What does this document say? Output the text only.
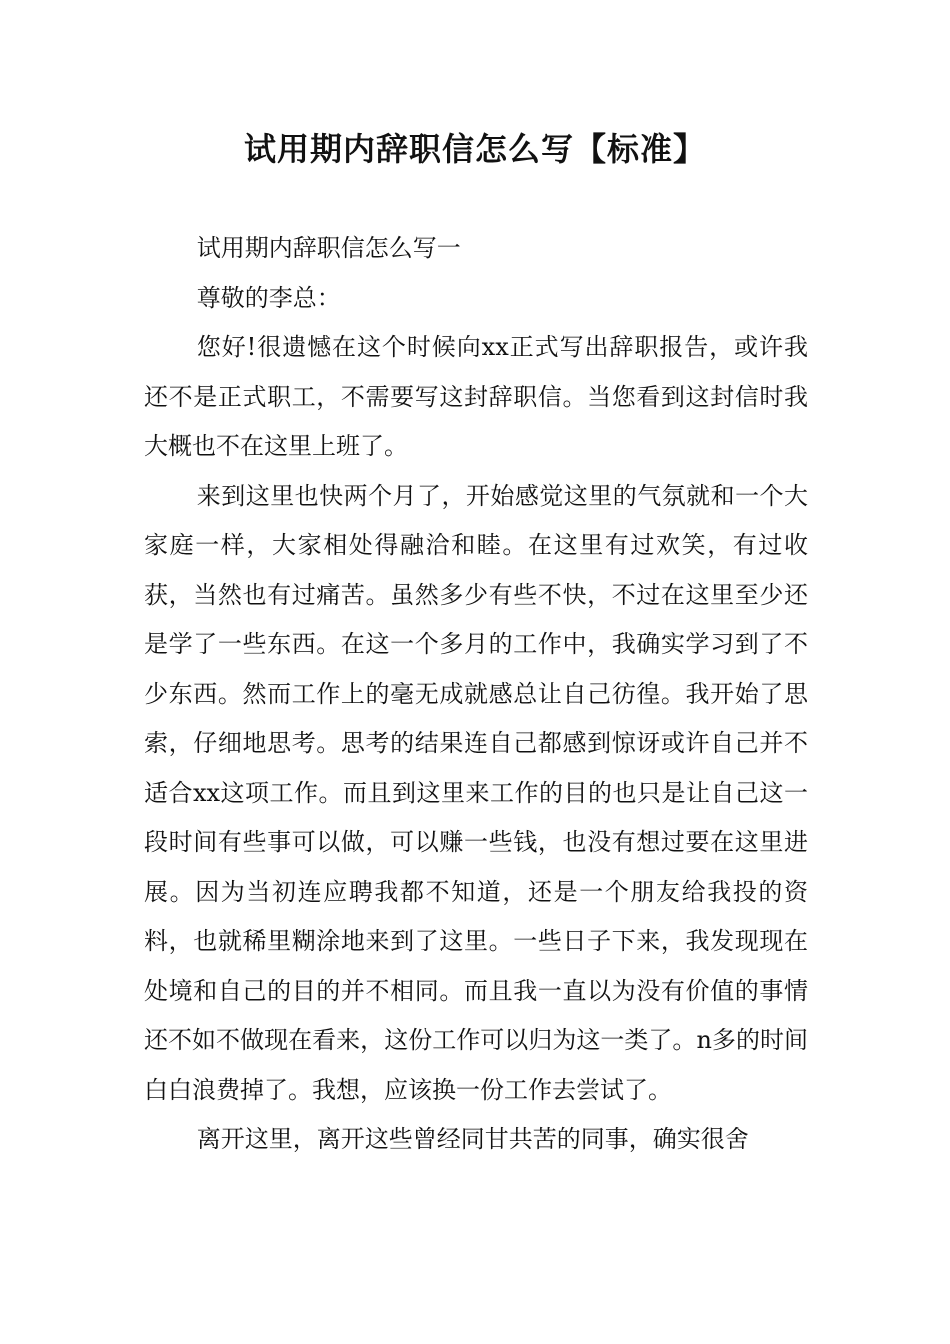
试用期内辞职信怎么写【标准】

试用期内辞职信怎么写一

尊敬的李总：

您好!很遗憾在这个时候向xx正式写出辞职报告，或许我还不是正式职工，不需要写这封辞职信。当您看到这封信时我大概也不在这里上班了。

来到这里也快两个月了，开始感觉这里的气氛就和一个大家庭一样，大家相处得融洽和睦。在这里有过欢笑，有过收获，当然也有过痛苦。虽然多少有些不快，不过在这里至少还是学了一些东西。在这一个多月的工作中，我确实学习到了不少东西。然而工作上的毫无成就感总让自己彷徨。我开始了思索，仔细地思考。思考的结果连自己都感到惊讶或许自己并不适合xx这项工作。而且到这里来工作的目的也只是让自己这一段时间有些事可以做，可以赚一些钱，也没有想过要在这里进展。因为当初连应聘我都不知道，还是一个朋友给我投的资料，也就稀里糊涂地来到了这里。一些日子下来，我发现现在处境和自己的目的并不相同。而且我一直以为没有价值的事情还不如不做现在看来，这份工作可以归为这一类了。n多的时间白白浪费掉了。我想，应该换一份工作去尝试了。

离开这里，离开这些曾经同甘共苦的同事，确实很舍
